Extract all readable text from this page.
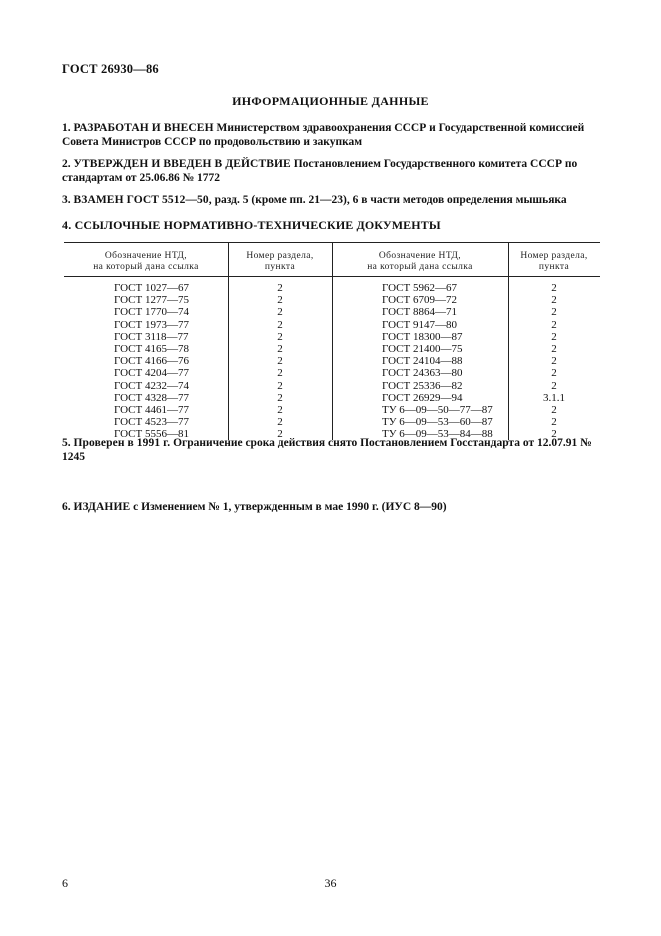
ГОСТ 26930—86
ИНФОРМАЦИОННЫЕ ДАННЫЕ
1. РАЗРАБОТАН И ВНЕСЕН Министерством здравоохранения СССР и Государственной комиссией Совета Министров СССР по продовольствию и закупкам
2. УТВЕРЖДЕН И ВВЕДЕН В ДЕЙСТВИЕ Постановлением Государственного комитета СССР по стандартам от 25.06.86 № 1772
3. ВЗАМЕН ГОСТ 5512—50, разд. 5 (кроме пп. 21—23), 6 в части методов определения мышьяка
4. ССЫЛОЧНЫЕ НОРМАТИВНО-ТЕХНИЧЕСКИЕ ДОКУМЕНТЫ
Обозначение НТД,
на который дана ссылка
Номер раздела,
пункта
Обозначение НТД,
на который дана ссылка
Номер раздела,
пункта
ГОСТ 1027—67
ГОСТ 1277—75
ГОСТ 1770—74
ГОСТ 1973—77
ГОСТ 3118—77
ГОСТ 4165—78
ГОСТ 4166—76
ГОСТ 4204—77
ГОСТ 4232—74
ГОСТ 4328—77
ГОСТ 4461—77
ГОСТ 4523—77
ГОСТ 5556—81
2
2
2
2
2
2
2
2
2
2
2
2
2
ГОСТ 5962—67
ГОСТ 6709—72
ГОСТ 8864—71
ГОСТ 9147—80
ГОСТ 18300—87
ГОСТ 21400—75
ГОСТ 24104—88
ГОСТ 24363—80
ГОСТ 25336—82
ГОСТ 26929—94
ТУ 6—09—50—77—87
ТУ 6—09—53—60—87
ТУ 6—09—53—84—88
2
2
2
2
2
2
2
2
2
3.1.1
2
2
2
5. Проверен в 1991 г. Ограничение срока действия снято Постановлением Госстандарта от 12.07.91 № 1245
6. ИЗДАНИЕ с Изменением № 1, утвержденным в мае 1990 г. (ИУС 8—90)
6	36
